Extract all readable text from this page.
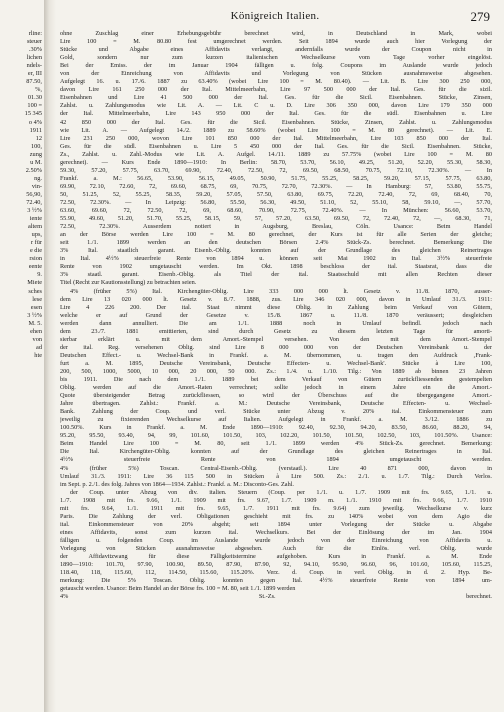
Königreich Italien.	279
rline:
steuer
.30%
lichen
ndels-
er, III
87.50,
%,
01.30
100 =
15 345
o 4%
1911
12
100,
zung
u M.
2.50%
ng.
vin-
56,90,
72.40,
3 ½%
iente
altem
ups,
r für
e die
rsion
eente
9.
Miete
sches
lese
esen
3 ½%
M. 5.
ehen
von
ad
hte
ohne Zuschlag einer Erhebungsgebühr berechnet wird, in Deutschland in Mark, wobei
Lire 100 = M. 80.80 fest umgerechnet werden. Seit 1894 wurde auch hier Vorlegung der
Stücke und Abgabe eines Affidavits verlangt, andernfalls wurde der Coupon nicht in
Gold, sondern nur zum kurzen italienischen Wechselkurse vom Tage vorher eingelöst.
Bei der Emiss. der im Januar 1904 fälligen u. folg. Coupons im Auslande wurde jedoch
von der Einreichung von Affidavits und Vorlegung von Stücken ausnahmsweise abgesehen.
Aufgelegt 16. u. 17./6. 1887 zu 63.40% (wobei Lire 100 = M. 80.40). — Lit. B. Lire 300 250 000,
davon Lire 161 250 000 der Ital. Mittelmeerbahn, Lire 97 500 000 der Ital. Ges. für die sizil.
Eisenbahnen und Lire 41 500 000 der Ital. Ges. für die Sicil. Eisenbahnen. Stücke, Zinsen,
Zahlst. u. Zahlungsmodus wie Lit. A. — Lit. C u. D. Lire 306 350 000, davon Lire 179 350 000
der Ital. Mittelmeerbahn, Lire 143 950 000 der Ital. Ges. für die südl. Eisenbahnen u. Lire
42 850 000 der Ital. Ges. für die Sicil. Eisenbahnen. Stücke, Zinsen, Zahlst. u. Zahlungsmodus
wie Lit. A. — Aufgelegt 14./2. 1889 zu 58.60% (wobei Lire 100 = M. 80 gerechnet). — Lit. E.
Lire 231 250 000, wovon Lire 101 850 000 der Ital. Mittelmeerbahn, Lire 103 850 000 der Ital.
Ges. für die südl. Eisenbahnen u. Lire 5 450 000 der Ital. Ges. für die Sicil. Eisenbahnen. Stücke,
Zs., Zahlst. u. Zahl.-Modus wie Lit. A. Aufgel. 14./11. 1889 zu 57.75% (wobei Lire 100 = M. 80
gerechnet). — Kurs Ende 1890—1910: In Berlin: 58.70, 53.70, 56.10, 49.25, 51.20, 52.20, 55.30, 58.30,
59.30, 57.20, 57.75, 63.70, 69.90, 72.40, 72.50, 72, 69.50, 68.50, 70.75, 72.10, 72.30%. — In
Frankf. a. M.: 56.65, 53.90, 56.15, 49.05, 50.90, 51.75, 55.25, 58.25, 59.20, 57.15, 57.75, 63.80,
69.90, 72.10, 72.60, 72, 69.60, 68.75, 69, 70.75, 72.70, 72.30%. — In Hamburg: 57, 53.80, 55.75,
50, 51.25, 52, 55.25, 58.35, 59.20, 57.05, 57.50, 63.80, 69.75, 72.20, 72.40, 72, 69, 68.40, 70,
72.50, 72.30%. — In Leipzig: 56.80, 55.50, 56.30, 49.50, 51.10, 52, 55.10, 58, 59.10, —, 57.70,
63.60, 69.60, 72, 72.50, 72, 69, 68.60, 70.90, 72.75, 72.40%. — In München: 56.60, 53.70,
55.90, 49.60, 51.20, 51.70, 55.25, 58.15, 59, 57, 57.20, 63.50, 69.50, 72, 72.40, 72, —, 68.30, 71,
72.50, 72.30%. Ausserdem notiert in Augsburg, Breslau, Cöln. Usance: Beim Handel
an der Börse werden Lire 100 = M. 80 gerechnet, der Kurs ist für alle Serien der gleiche;
seit 1./1. 1899 werden an den deutschen Börsen 2.4% Stück-Zs. berechnet. Bemerkung: Die
3% Ital. staatlich garant. Eisenb.-Oblig. konnten auf der Grundlage des gleichen Reinertrages
in Ital. 4½% steuerfreie Rente von 1894 u. können seit Mai 1902 in Ital. 3½% steuerfreie
Rente von 1902 umgetauscht werden. Im Okt. 1898 beschloss der ital. Staatsrat, dass die
3% staatl. garant. Eisenb.-Oblig. als Titel der ital. Staatsschuld mit allen Rechten dieser
Titel (Recht zur Kautionsstellung) zu betrachten seien.
4% (früher 5%) Ital. Kirchengüter-Oblig. Lire 333 000 000 lt. Gesetz v. 11./8. 1870, ausser-
dem Lire 13 020 000 lt. Gesetz v. 8./7. 1888, zus. Lire 346 020 000, davon in Umlauf 31./3. 1911:
Lire 4 226 200. Der ital. Staat nimmt diese Oblig. in Zahlung beim Verkauf von Gütern,
welche er auf Grund der Gesetze v. 15./8. 1867 u. 11./8. 1870 veräussert; desgleichen
werden dann annulliert. Die am 1./1. 1888 noch in Umlauf befindl. jedoch nach
dem 23./7. 1881 emittierten, sind durch Gesetz zu diesem letzten Tage für amorti-
sierbar erklärt u. mit dem Amort.-Stempel versehen. Von den mit dem Amort.-Stempel
der ital. Reg. versehenen Oblig. sind Lire 8 000 000 von der Deutschen Vereinsbank u. der
Deutschen Effect.- u. Wechsel-Bank in Frankf. a. M. übernommen, u. tragen den Aufdruck ‚Frank-
furt a. M. 1895, Deutsche Vereinsbank, Deutsche Effecten- u. Wechsel-Bank'. Stücke à Lire 100,
200, 500, 1000, 5000, 10 000, 20 000, 50 000. Zs.: 1./4. u. 1./10. Tilg.: Von 1889 ab binnen 23 Jahren
bis 1911. Die nach dem 1./1. 1889 bei dem Verkauf von Gütern zurückfliessenden gestempelten
Oblig. werden auf die Amort.-Raten verrechnet; sollte jedoch in einem Jahre ein die Amort.-
Quote übersteigender Betrag zurückfliessen, so wird der Überschuss auf die übergegangene Amort.-
Jahre übertragen. Zahlst.: Frankf. a. M.: Deutsche Vereinsbank, Deutsche Effecten- u. Wechsel-
Bank. Zahlung der Coup. und verl. Stücke unter Abzug v. 20% ital. Einkommensteuer zum
jeweilig zu fixierenden Wechselkurse auf Italien. Aufgelegt in Frankf. a. M. 3./12. 1886 zu
100.50%. Kurs in Frankf. a. M. Ende 1890—1910: 92.40, 92.30, 94.20, 83.50, 86.60, 88.20, 94,
95.20, 95.50, 93.40, 94, 99, 101.60, 101.50, 103, 102.20, 101.50, 101.50, 102.50, 103, 101.50%. Usance:
Beim Handel Lire 100 = M. 80, seit 1./1. 1899 werden 4% Stück-Zs. gerechnet. Bemerkung:
Die Ital. Kirchengüter-Oblig. konnten auf der Grundlage des gleichen Reinertrages in Ital.
4½% steuerfreie Rente von 1894 umgetauscht werden.
4% (früher 5%) Toscan. Central-Eisenb.-Oblig. (verstaatl.). Lire 40 871 000, davon in
Umlauf 31./3. 1911: Lire 36 115 500 in Stücken à Lire 500. Zs.: 2./1. u. 1./7. Tilg.: Durch Verlos.
im Sept. p. 2./1. des folg. Jahres von 1864—1934. Zahlst.: Frankf. a. M.: Disconto-Ges. Zahl.
der Coup. unter Abzug von div. italien. Steuern (Coup. per 1./1. u. 1./7. 1909 mit frs. 9.65, 1./1. u.
1./7. 1908 mit frs. 9.66, 1./1. 1909 mit frs. 9.67, 1./7. 1909 m. 1./1. 1910 mit frs. 9.66, 1./7. 1910
mit frs. 9.64, 1./1. 1911 mit frs. 9.65, 1./7. 1911 mit frs. 9.64) zum jeweilig. Wechselkurse v. kurz
Paris. Die Zahlung der verl. Obligationen geschieht mit frs. zu 140% wobei von dem Agio die
ital. Einkommensteuer von 20% abgeht; seit 1894 unter Vorlegung der Stücke u. Abgabe
eines Affidavits, sonst zum kurzen ital. Wechselkurs. Bei der Einlösung der im Jan. 1904
fälligen u. folgenden Coup. im Auslande wurde jedoch von der Einreichung von Affidavits u.
Vorlegung von Stücken ausnahmsweise abgesehen. Auch für die Einlös. verl. Oblig. wurde
der Affidavitzwang für diese Fälligkeitstermine aufgehoben. Kurs in Frankf. a. M. Ende
1890—1910: 101.70, 97.90, 100.90, 89.50, 87.90, 87.90, 92, 94.10, 95.90, 96.60, 96, 101.60, 105.60, 115.25,
118.40, 118, 115.60, 112, 114.50, 115.60, 115.20%. Verz. d. Coup. in verl. Oblig. in d. 2. Hyp. Be-
merkung: Die 5% Toscan. Oblig. konnten gegen Ital. 4½% steuerfreie Rente von 1894 um-
getauscht werden. Usance: Beim Handel an der Börse frs. 100 = M. 80, seit 1./1. 1899 werden
4% St.-Zs. berechnet.
